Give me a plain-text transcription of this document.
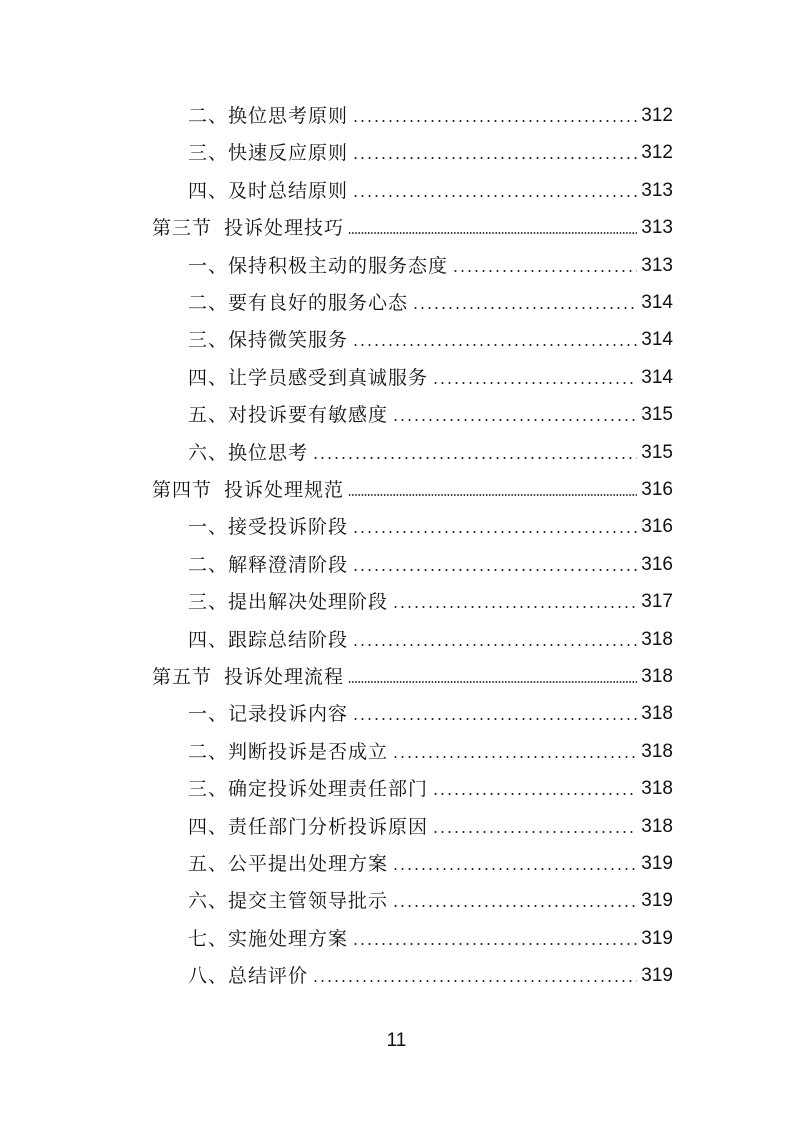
二、换位思考原则	312
三、快速反应原则	312
四、及时总结原则	313
第三节 投诉处理技巧	313
一、保持积极主动的服务态度	313
二、要有良好的服务心态	314
三、保持微笑服务	314
四、让学员感受到真诚服务	314
五、对投诉要有敏感度	315
六、换位思考	315
第四节 投诉处理规范	316
一、接受投诉阶段	316
二、解释澄清阶段	316
三、提出解决处理阶段	317
四、跟踪总结阶段	318
第五节 投诉处理流程	318
一、记录投诉内容	318
二、判断投诉是否成立	318
三、确定投诉处理责任部门	318
四、责任部门分析投诉原因	318
五、公平提出处理方案	319
六、提交主管领导批示	319
七、实施处理方案	319
八、总结评价	319
11
